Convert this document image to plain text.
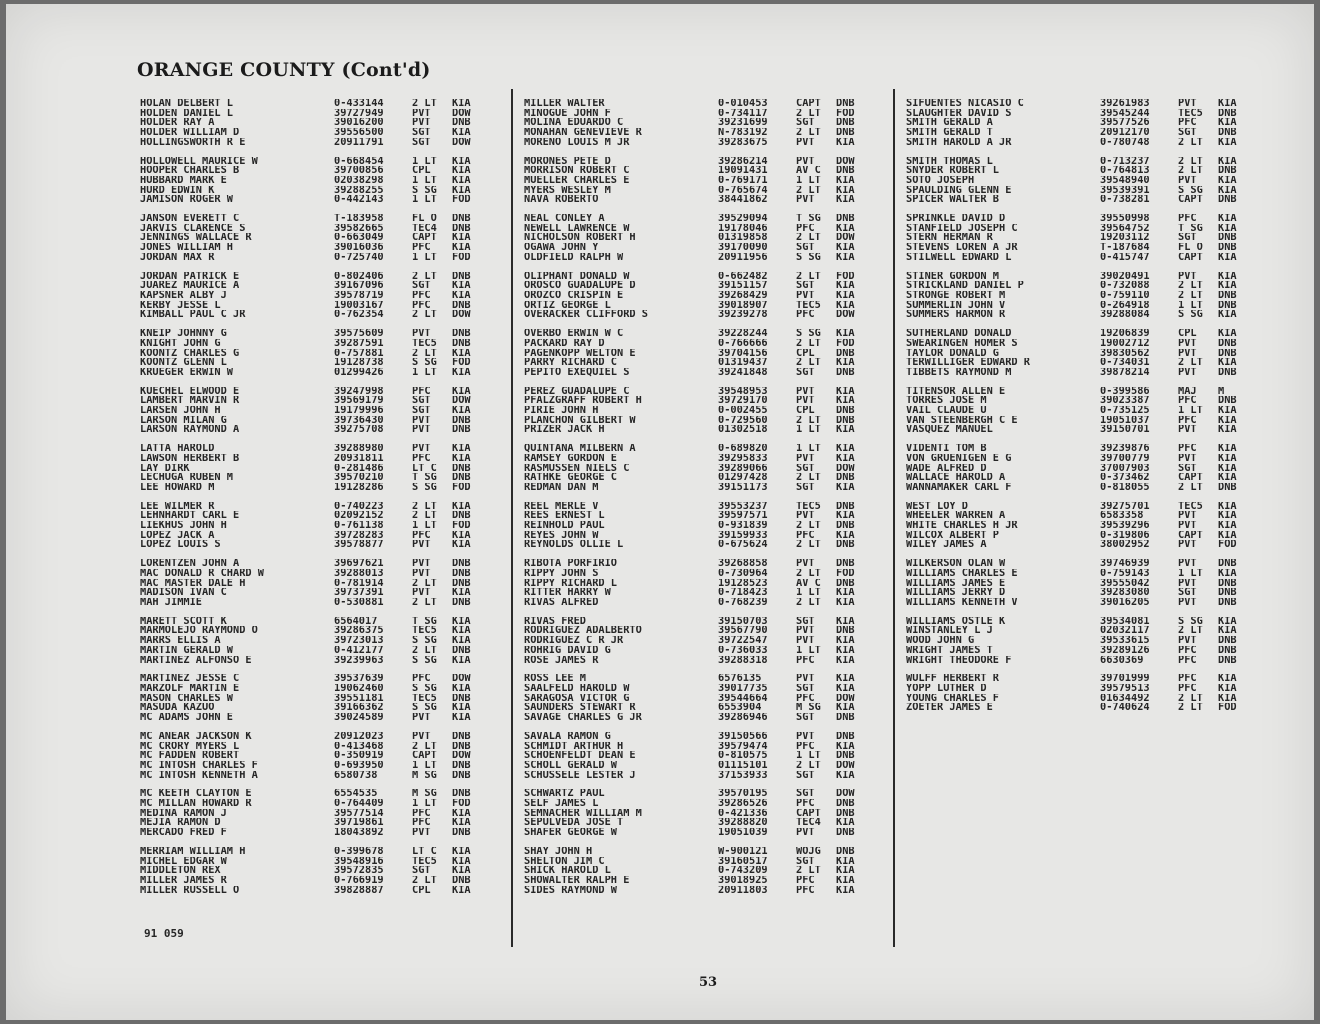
ORANGE COUNTY (Cont'd)
HOLAN DELBERT L	0-433144	2 LT KIA
HOLDEN DANIEL L	39727949	PVT DOW
HOLDER RAY A	39016200	PVT DNB
HOLDER WILLIAM D	39556500	SGT KIA
HOLLINGSWORTH R E	20911791	SGT DOW
HOLLOWELL MAURICE W	0-668454	1 LT KIA
HOOPER CHARLES B	39700856	CPL KIA
HUBBARD MARK E	02038298	1 LT KIA
HURD EDWIN K	39288255	S SG KIA
JAMISON ROGER W	0-442143	1 LT FOD
JANSON EVERETT C	T-183958	FL O DNB
JARVIS CLARENCE S	39582665	TEC4 DNB
JENNINGS WALLACE R	0-663049	CAPT KIA
JONES WILLIAM H	39016036	PFC KIA
JORDAN MAX R	0-725740	1 LT FOD
JORDAN PATRICK E	0-802406	2 LT DNB
JUAREZ MAURICE A	39167096	SGT KIA
KAPSNER ALBY J	39578719	PFC KIA
KERBY JESSE L	19003167	PFC DNB
KIMBALL PAUL C JR	0-762354	2 LT DOW
KNEIP JOHNNY G	39575609	PVT DNB
KNIGHT JOHN G	39287591	TEC5 DNB
KOONTZ CHARLES G	0-757881	2 LT KIA
KOONTZ GLENN L	19128738	S SG FOD
KRUEGER ERWIN W	01299426	1 LT KIA
KUECHEL ELWOOD E	39247998	PFC KIA
LAMBERT MARVIN R	39569179	SGT DOW
LARSEN JOHN H	19179996	SGT KIA
LARSON MILAN G	39736430	PVT DNB
LARSON RAYMOND A	39275708	PVT DNB
LATTA HAROLD	39288980	PVT KIA
LAWSON HERBERT B	20931811	PFC KIA
LAY DIRK	0-281486	LT C DNB
LECHUGA RUBEN M	39570210	T SG DNB
LEE HOWARD M	19128286	S SG FOD
LEE WILMER R	0-740223	2 LT KIA
LEHNHARDT CARL E	02092152	2 LT DNB
LIEKHUS JOHN H	0-761138	1 LT FOD
LOPEZ JACK A	39728283	PFC KIA
LOPEZ LOUIS S	39578877	PVT KIA
LORENTZEN JOHN A	39697621	PVT DNB
MAC DONALD R CHARD W	39288013	PVT DNB
MAC MASTER DALE H	0-781914	2 LT DNB
MADISON IVAN C	39737391	PVT KIA
MAH JIMMIE	0-530881	2 LT DNB
MARETT SCOTT K	6564017	T SG KIA
MARMOLEJO RAYMOND O	39286375	TEC5 KIA
MARRS ELLIS A	39723013	S SG KIA
MARTIN GERALD W	0-412177	2 LT DNB
MARTINEZ ALFONSO E	39239963	S SG KIA
MARTINEZ JESSE C	39537639	PFC DOW
MARZOLF MARTIN E	19062460	S SG KIA
MASON CHARLES W	39551181	TEC5 DNB
MASUDA KAZUO	39166362	S SG KIA
MC ADAMS JOHN E	39024589	PVT KIA
MC ANEAR JACKSON K	20912023	PVT DNB
MC CRORY MYERS L	0-413468	2 LT DNB
MC FADDEN ROBERT	0-350919	CAPT DOW
MC INTOSH CHARLES F	0-693950	1 LT DNB
MC INTOSH KENNETH A	6580738	M SG DNB
MC KEETH CLAYTON E	6554535	M SG DNB
MC MILLAN HOWARD R	0-764409	1 LT FOD
MEDINA RAMON J	39577514	PFC KIA
MEJIA RAMON D	39719861	PFC KIA
MERCADO FRED F	18043892	PVT DNB
MERRIAM WILLIAM H	0-399678	LT C KIA
MICHEL EDGAR W	39548916	TEC5 KIA
MIDDLETON REX	39572835	SGT KIA
MILLER JAMES R	0-766919	2 LT DNB
MILLER RUSSELL O	39828887	CPL KIA
MILLER WALTER	0-010453	CAPT DNB
MINOGUE JOHN F	0-734117	2 LT FOD
MOLINA EDUARDO C	39231699	SGT DNB
MONAHAN GENEVIEVE R	N-783192	2 LT DNB
MORENO LOUIS M JR	39283675	PVT KIA
MORONES PETE D	39286214	PVT DOW
MORRISON ROBERT C	19091431	AV C DNB
MUELLER CHARLES E	0-769171	1 LT KIA
MYERS WESLEY M	0-765674	2 LT KIA
NAVA ROBERTO	38441862	PVT KIA
NEAL CONLEY A	39529094	T SG DNB
NEWELL LAWRENCE W	19178046	PFC KIA
NICHOLSON ROBERT H	01319858	2 LT DOW
OGAWA JOHN Y	39170090	SGT KIA
OLDFIELD RALPH W	20911956	S SG KIA
OLIPHANT DONALD W	0-662482	2 LT FOD
OROSCO GUADALUPE D	39151157	SGT KIA
OROZCO CRISPIN E	39268429	PVT KIA
ORTIZ GEORGE L	39018907	TEC5 KIA
OVERACKER CLIFFORD S	39239278	PFC DOW
OVERBO ERWIN W C	39228244	S SG KIA
PACKARD RAY D	0-766666	2 LT FOD
PAGENKOPP WELTON E	39704156	CPL DNB
PARRY RICHARD C	01319437	2 LT KIA
PEPITO EXEQUIEL S	39241848	SGT DNB
PEREZ GUADALUPE C	39548953	PVT KIA
PFALZGRAFF ROBERT H	39729170	PVT KIA
PIRIE JOHN H	0-002455	CPL DNB
PLANCHON GILBERT W	0-729560	2 LT DNB
PRIZER JACK H	01302518	1 LT KIA
QUINTANA MILBERN A	0-689820	1 LT KIA
RAMSEY GORDON E	39295833	PVT KIA
RASMUSSEN NIELS C	39289066	SGT DOW
RATHKE GEORGE C	01297428	2 LT DNB
REDMAN DAN M	39151173	SGT KIA
REEL MERLE V	39553237	TEC5 DNB
REES ERNEST L	39597571	PVT KIA
REINHOLD PAUL	0-931839	2 LT DNB
REYES JOHN W	39159933	PFC KIA
REYNOLDS OLLIE L	0-675624	2 LT DNB
RIBOTA PORFIRIO	39268858	PVT DNB
RIPPY JOHN S	0-730964	2 LT FOD
RIPPY RICHARD L	19128523	AV C DNB
RITTER HARRY W	0-718423	1 LT KIA
RIVAS ALFRED	0-768239	2 LT KIA
RIVAS FRED	39150703	SGT KIA
RODRIGUEZ ADALBERTO	39567790	PVT DNB
RODRIGUEZ C R JR	39722547	PVT KIA
ROHRIG DAVID G	0-736033	1 LT KIA
ROSE JAMES R	39288318	PFC KIA
ROSS LEE M	6576135	PVT KIA
SAALFELD HAROLD W	39017735	SGT KIA
SARAGOSA VICTOR G	39544664	PFC DOW
SAUNDERS STEWART R	6553904	M SG KIA
SAVAGE CHARLES G JR	39286946	SGT DNB
SAVALA RAMON G	39150566	PVT DNB
SCHMIDT ARTHUR H	39579474	PFC KIA
SCHOENFELDT DEAN E	0-810575	1 LT DNB
SCHOLL GERALD W	01115101	2 LT DOW
SCHUSSELE LESTER J	37153933	SGT KIA
SCHWARTZ PAUL	39570195	SGT DOW
SELF JAMES L	39286526	PFC DNB
SEMNACHER WILLIAM M	0-421336	CAPT DNB
SEPULVEDA JOSE T	39288820	TEC4 KIA
SHAFER GEORGE W	19051039	PVT DNB
SHAY JOHN H	W-900121	WOJG DNB
SHELTON JIM C	39160517	SGT KIA
SHICK HAROLD L	0-743209	2 LT KIA
SHOWALTER RALPH E	39018925	PFC KIA
SIDES RAYMOND W	20911803	PFC KIA
SIFUENTES NICASIO C	39261983	PVT KIA
SLAUGHTER DAVID S	39545244	TEC5 DNB
SMITH GERALD A	39577526	PFC KIA
SMITH GERALD T	20912170	SGT DNB
SMITH HAROLD A JR	0-780748	2 LT KIA
SMITH THOMAS L	0-713237	2 LT KIA
SNYDER ROBERT L	0-764813	2 LT DNB
SOTO JOSEPH	39548940	PVT KIA
SPAULDING GLENN E	39539391	S SG KIA
SPICER WALTER B	0-738281	CAPT DNB
SPRINKLE DAVID D	39550998	PFC KIA
STANFIELD JOSEPH C	39564752	T SG KIA
STERN HERMAN R	19203112	SGT DNB
STEVENS LOREN A JR	T-187684	FL O DNB
STILWELL EDWARD L	0-415747	CAPT KIA
STINER GORDON M	39020491	PVT KIA
STRICKLAND DANIEL P	0-732088	2 LT KIA
STRONGE ROBERT M	0-759110	2 LT DNB
SUMMERLIN JOHN V	0-264918	1 LT DNB
SUMMERS HARMON R	39288084	S SG KIA
SUTHERLAND DONALD	19206839	CPL KIA
SWEARINGEN HOMER S	19002712	PVT DNB
TAYLOR DONALD G	39830562	PVT DNB
TERWILLIGER EDWARD R	0-734031	2 LT KIA
TIBBETS RAYMOND M	39878214	PVT DNB
TITENSOR ALLEN E	0-399586	MAJ M
TORRES JOSE M	39023387	PFC DNB
VAIL CLAUDE U	0-735125	1 LT KIA
VAN STEENBERGH C E	19051037	PFC KIA
VASQUEZ MANUEL	39150701	PVT KIA
VIDENTI TOM B	39239876	PFC KIA
VON GRUENIGEN E G	39700779	PVT KIA
WADE ALFRED D	37007903	SGT KIA
WALLACE HAROLD A	0-373462	CAPT KIA
WANNAMAKER CARL F	0-818055	2 LT DNB
WEST LOY D	39275701	TEC5 KIA
WHEELER WARREN A	6583358	PVT KIA
WHITE CHARLES H JR	39539296	PVT KIA
WILCOX ALBERT P	0-319806	CAPT KIA
WILEY JAMES A	38002952	PVT FOD
WILKERSON OLAN W	39746939	PVT DNB
WILLIAMS CHARLES E	0-759143	1 LT KIA
WILLIAMS JAMES E	39555042	PVT DNB
WILLIAMS JERRY D	39283080	SGT DNB
WILLIAMS KENNETH V	39016205	PVT DNB
WILLIAMS OSTLE K	39534081	S SG KIA
WINSTANLEY L J	02032117	2 LT KIA
WOOD JOHN G	39533615	PVT DNB
WRIGHT JAMES T	39289126	PFC DNB
WRIGHT THEODORE F	6630369	PFC DNB
WULFF HERBERT R	39701999	PFC KIA
YOPP LUTHER D	39579513	PFC KIA
YOUNG CHARLES F	01634492	2 LT KIA
ZOETER JAMES E	0-740624	2 LT FOD
91 059
53
